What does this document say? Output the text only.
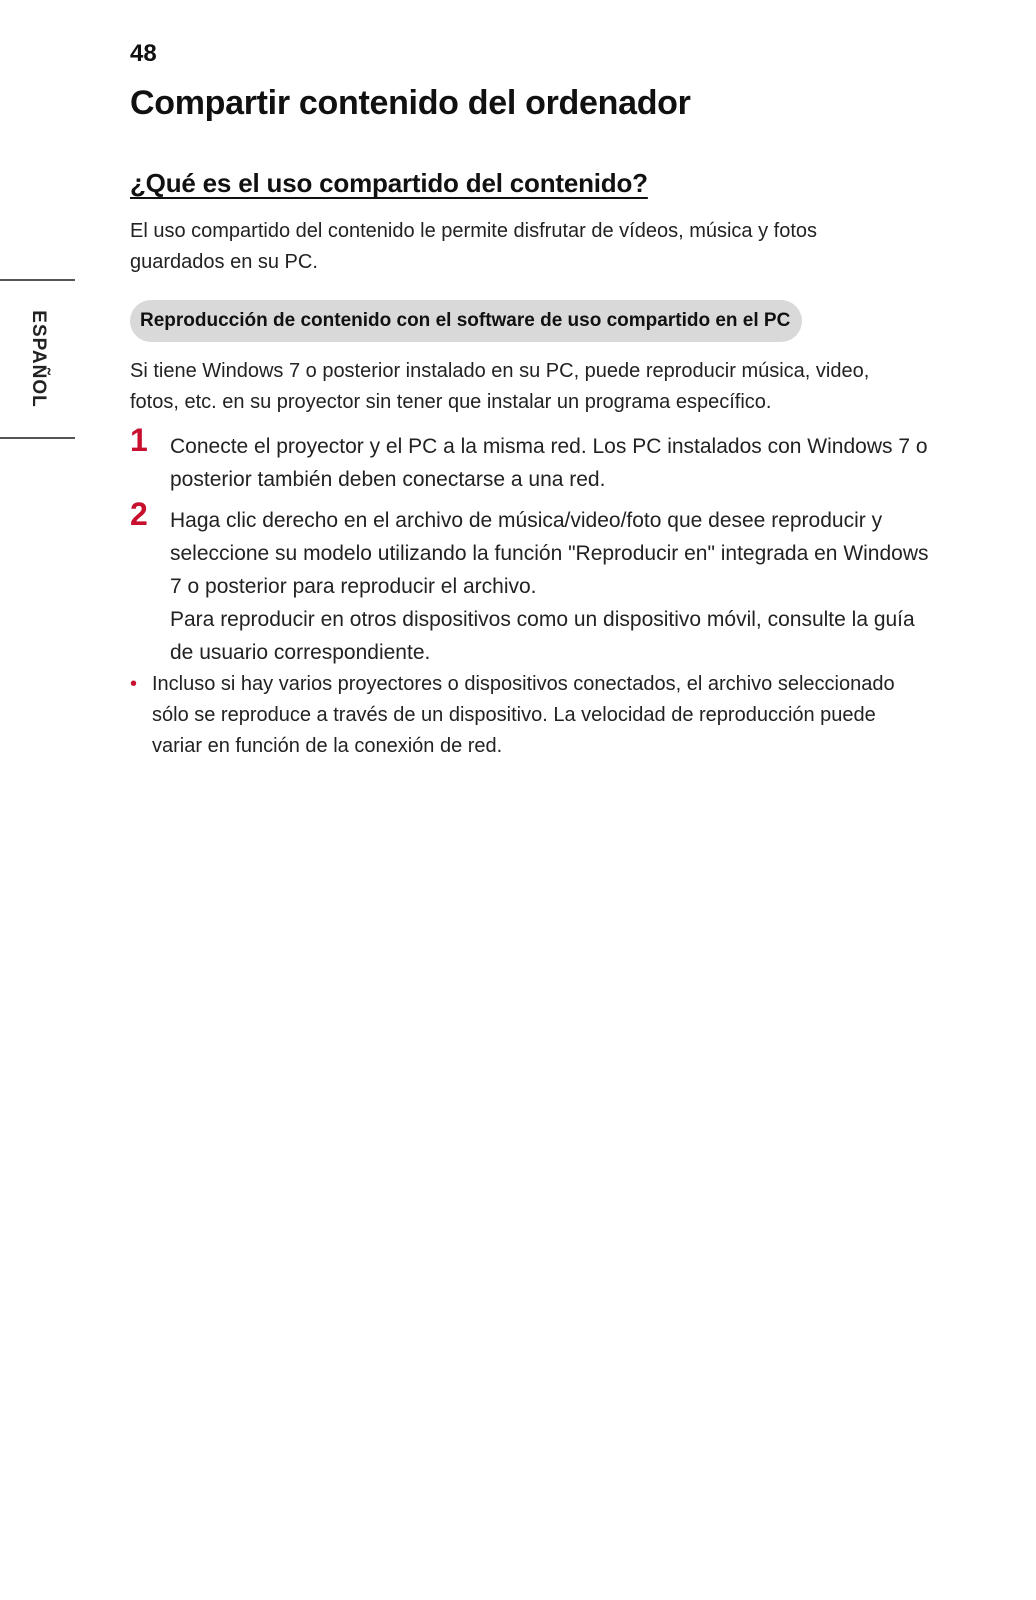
48
Compartir contenido del ordenador
ESPAÑOL
¿Qué es el uso compartido del contenido?

El uso compartido del contenido le permite disfrutar de vídeos, música y fotos guardados en su PC.

Reproducción de contenido con el software de uso compartido en el PC

Si tiene Windows 7 o posterior instalado en su PC, puede reproducir música, video, fotos, etc. en su proyector sin tener que instalar un programa específico.

1	Conecte el proyector y el PC a la misma red. Los PC instalados con Windows 7 o posterior también deben conectarse a una red.

2	Haga clic derecho en el archivo de música/video/foto que desee reproducir y seleccione su modelo utilizando la función "Reproducir en" integrada en Windows 7 o posterior para reproducir el archivo.

Para reproducir en otros dispositivos como un dispositivo móvil, consulte la guía de usuario correspondiente.

• Incluso si hay varios proyectores o dispositivos conectados, el archivo seleccionado sólo se reproduce a través de un dispositivo. La velocidad de reproducción puede variar en función de la conexión de red.
